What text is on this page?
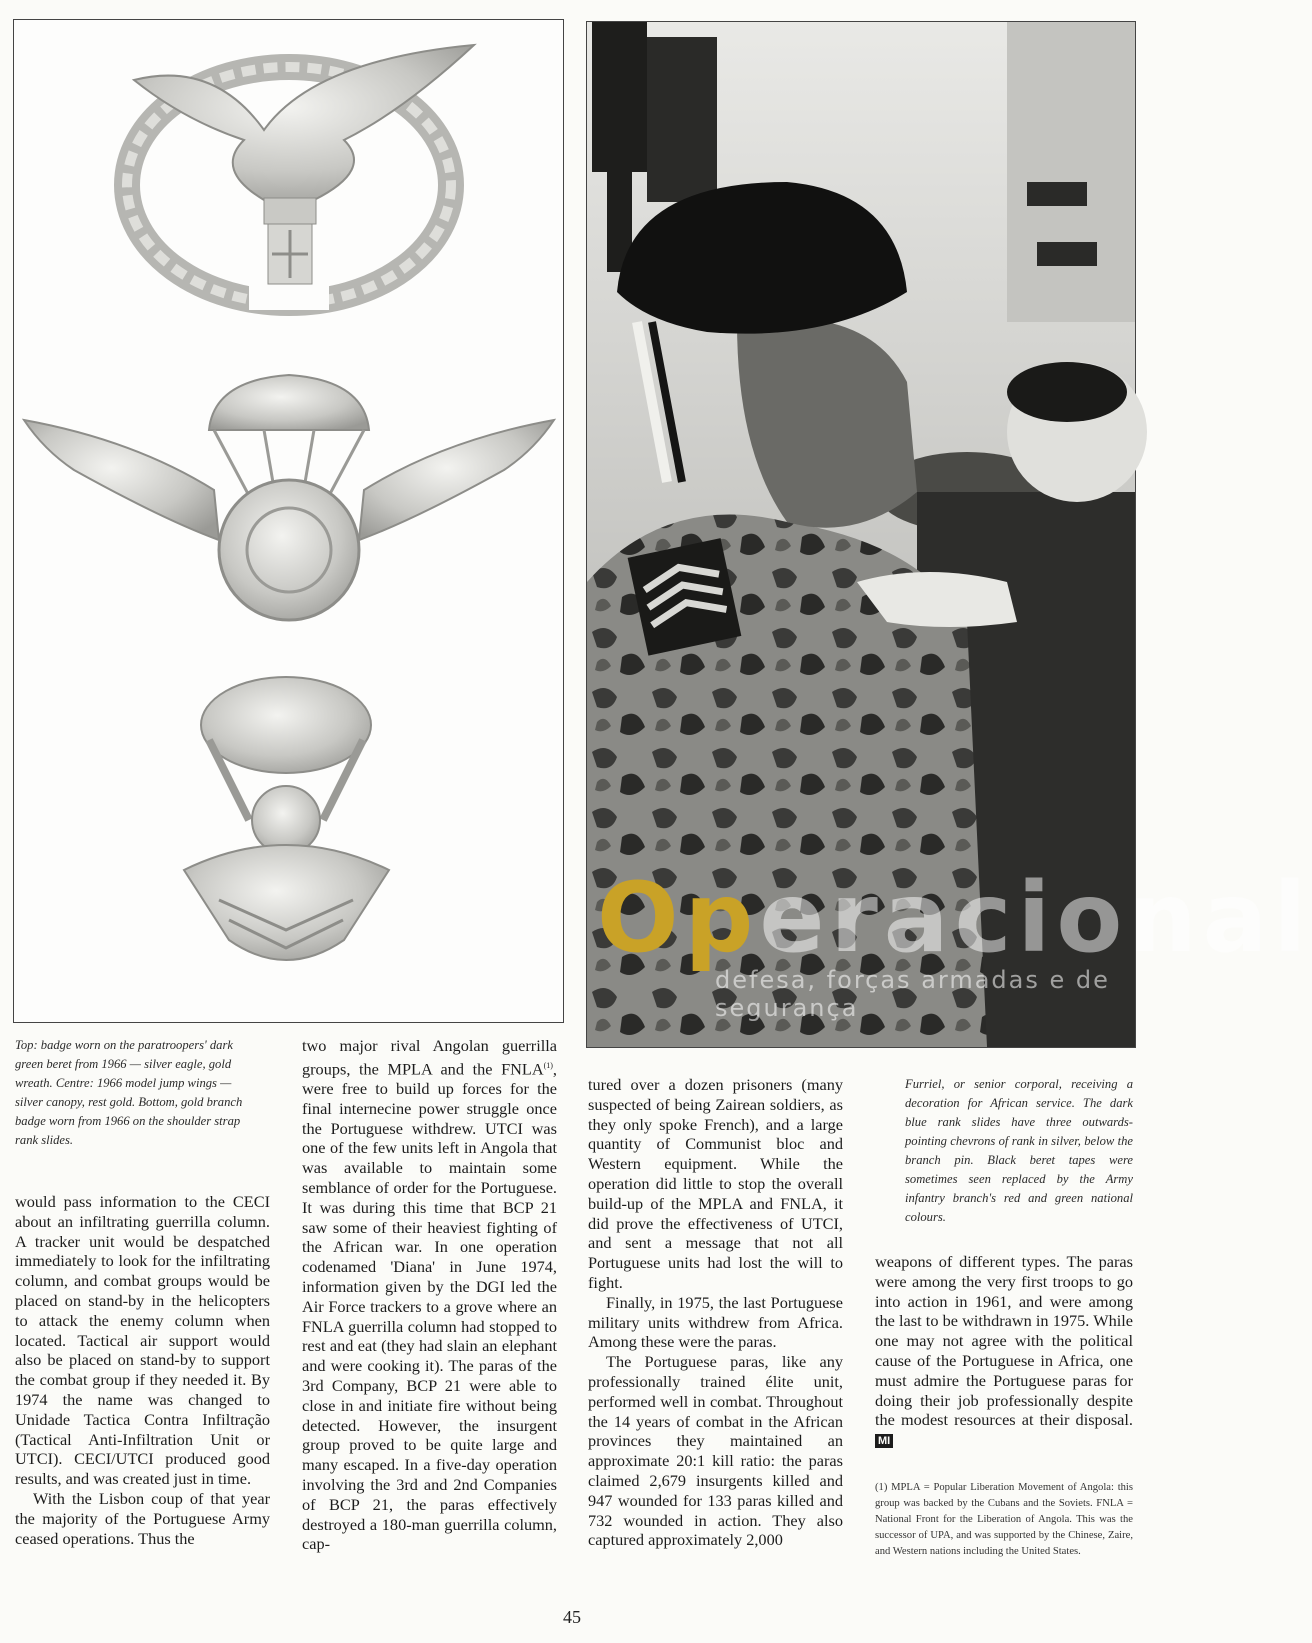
Operacional
defesa, forças armadas e de segurança
Top: badge worn on the paratroopers' dark green beret from 1966 — silver eagle, gold wreath. Centre: 1966 model jump wings — silver canopy, rest gold. Bottom, gold branch badge worn from 1966 on the shoulder strap rank slides.
Furriel, or senior corporal, receiving a decoration for African service. The dark blue rank slides have three outwards-pointing chevrons of rank in silver, below the branch pin. Black beret tapes were sometimes seen replaced by the Army infantry branch's red and green national colours.

would pass information to the CECI about an infiltrating guerrilla column. A tracker unit would be despatched immediately to look for the infiltrating column, and combat groups would be placed on stand-by in the helicopters to attack the enemy column when located. Tactical air support would also be placed on stand-by to support the combat group if they needed it. By 1974 the name was changed to Unidade Tactica Contra Infiltração (Tactical Anti-Infiltration Unit or UTCI). CECI/UTCI produced good results, and was created just in time.

With the Lisbon coup of that year the majority of the Portuguese Army ceased operations. Thus the

two major rival Angolan guerrilla groups, the MPLA and the FNLA$^{(1)}$, were free to build up forces for the final internecine power struggle once the Portuguese withdrew. UTCI was one of the few units left in Angola that was available to maintain some semblance of order for the Portuguese. It was during this time that BCP 21 saw some of their heaviest fighting of the African war. In one operation codenamed 'Diana' in June 1974, information given by the DGI led the Air Force trackers to a grove where an FNLA guerrilla column had stopped to rest and eat (they had slain an elephant and were cooking it). The paras of the 3rd Company, BCP 21 were able to close in and initiate fire without being detected. However, the insurgent group proved to be quite large and many escaped. In a five-day operation involving the 3rd and 2nd Companies of BCP 21, the paras effectively destroyed a 180-man guerrilla column, cap-

tured over a dozen prisoners (many suspected of being Zairean soldiers, as they only spoke French), and a large quantity of Communist bloc and Western equipment. While the operation did little to stop the overall build-up of the MPLA and FNLA, it did prove the effectiveness of UTCI, and sent a message that not all Portuguese units had lost the will to fight.

Finally, in 1975, the last Portuguese military units withdrew from Africa. Among these were the paras.

The Portuguese paras, like any professionally trained élite unit, performed well in combat. Throughout the 14 years of combat in the African provinces they maintained an approximate 20:1 kill ratio: the paras claimed 2,679 insurgents killed and 947 wounded for 133 paras killed and 732 wounded in action. They also captured approximately 2,000

weapons of different types. The paras were among the very first troops to go into action in 1961, and were among the last to be withdrawn in 1975. While one may not agree with the political cause of the Portuguese in Africa, one must admire the Portuguese paras for doing their job professionally despite the modest resources at their disposal. MI

(1) MPLA = Popular Liberation Movement of Angola: this group was backed by the Cubans and the Soviets. FNLA = National Front for the Liberation of Angola. This was the successor of UPA, and was supported by the Chinese, Zaire, and Western nations including the United States.
45
